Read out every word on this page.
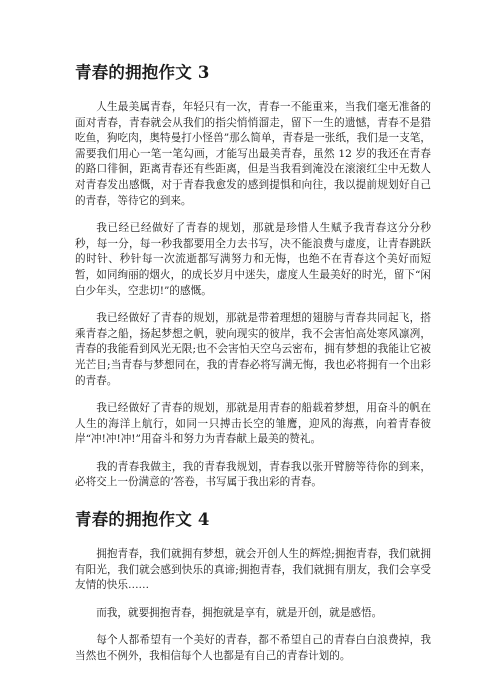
青春的拥抱作文 3

人生最美属青春，年轻只有一次，青春一不能重来，当我们毫无准备的面对青春，青春就会从我们的指尖悄悄溜走，留下一生的遗憾，青春不是猎吃鱼，狗吃肉，奥特曼打小怪兽”那么简单，青春是一张纸，我们是一支笔，需要我们用心一笔一笔勾画，才能写出最美青春，虽然 12 岁的我还在青春的路口徘徊，距离青春还有些距离，但是当我看到淹没在滚滚红尘中无数人对青春发出感慨，对于青春我愈发的感到提惧和向往，我以提前规划好自己的青春，等待它的到来。

我已经已经做好了青春的规划，那就是珍惜人生赋予我青春这分分秒秒，每一分，每一秒我都要用全力去书写，决不能浪费与虚度，让青春跳跃的时针、秒针每一次流逝都写满努力和无悔，也绝不在青春这个美好而短暂，如同绚丽的烟火，的成长岁月中迷失，虚度人生最美好的时光，留下“闲白少年头，空悲切!”的感慨。

我已经做好了青春的规划，那就是带着理想的翅膀与青春共同起飞，搭乘青春之船，扬起梦想之帆，驶向现实的彼岸，我不会害怕高处寒风凛冽，青春的我能看到风光无限;也不会害怕天空乌云密布，拥有梦想的我能让它被光芒目;当青春与梦想同在，我的青春必将写满无悔，我也必将拥有一个出彩的青春。

我已经做好了青春的规划，那就是用青春的船载着梦想，用奋斗的帆在人生的海洋上航行，如同一只搏击长空的雏鹰，迎风的海燕，向着青春彼岸“冲!冲!冲!”用奋斗和努力为青春献上最美的赞礼。

我的青春我做主，我的青春我规划，青春我以张开臂膀等待你的到来，必将交上一份满意的’答卷，书写属于我出彩的青春。

青春的拥抱作文 4

拥抱青春，我们就拥有梦想，就会开创人生的辉煌;拥抱青春，我们就拥有阳光，我们就会感到快乐的真谛;拥抱青春，我们就拥有朋友，我们会享受友情的快乐……

而我，就要拥抱青春，拥抱就是享有，就是开创，就是感悟。

每个人都希望有一个美好的青春，都不希望自己的青春白白浪费掉，我当然也不例外，我相信每个人也都是有自己的青春计划的。
